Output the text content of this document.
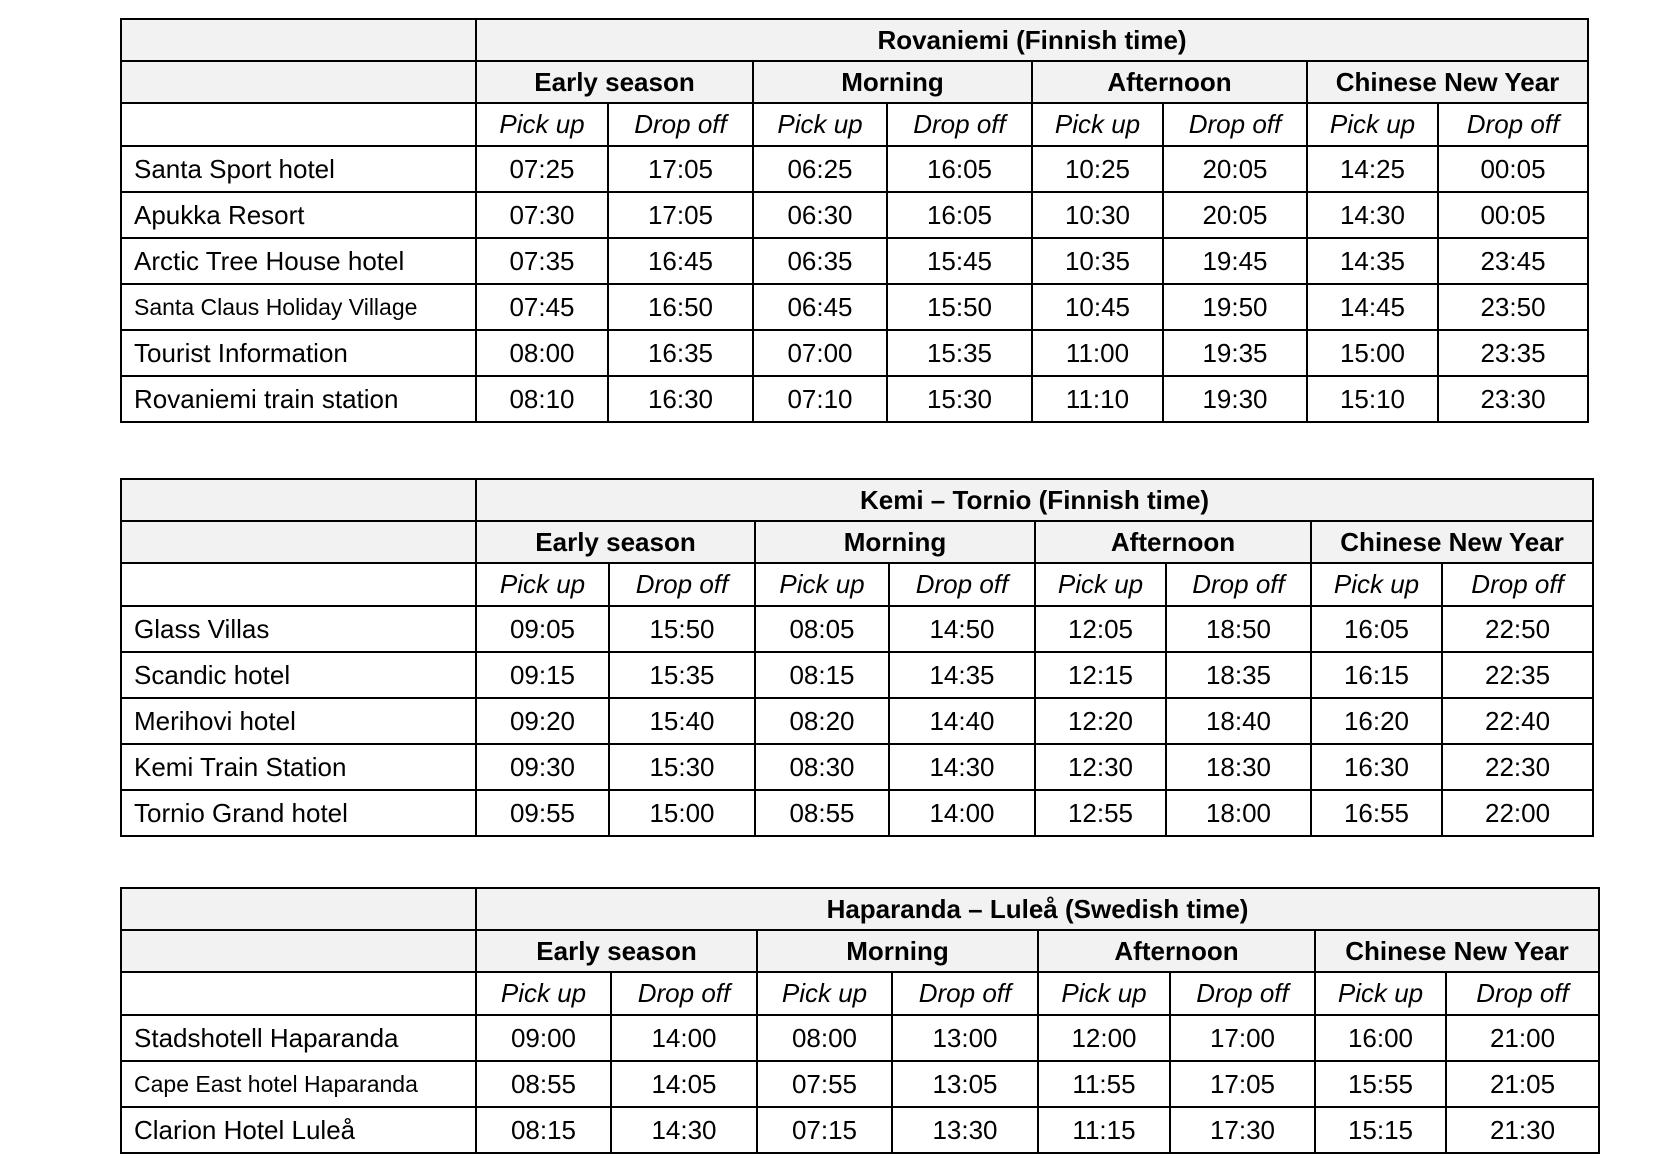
	Rovaniemi (Finnish time)							
	Early season		Morning		Afternoon		Chinese New Year	
	Pick up	Drop off	Pick up	Drop off	Pick up	Drop off	Pick up	Drop off
Santa Sport hotel	07:25	17:05	06:25	16:05	10:25	20:05	14:25	00:05
Apukka Resort	07:30	17:05	06:30	16:05	10:30	20:05	14:30	00:05
Arctic Tree House hotel	07:35	16:45	06:35	15:45	10:35	19:45	14:35	23:45
Santa Claus Holiday Village	07:45	16:50	06:45	15:50	10:45	19:50	14:45	23:50
Tourist Information	08:00	16:35	07:00	15:35	11:00	19:35	15:00	23:35
Rovaniemi train station	08:10	16:30	07:10	15:30	11:10	19:30	15:10	23:30
	Kemi – Tornio (Finnish time)							
	Early season		Morning		Afternoon		Chinese New Year	
	Pick up	Drop off	Pick up	Drop off	Pick up	Drop off	Pick up	Drop off
Glass Villas	09:05	15:50	08:05	14:50	12:05	18:50	16:05	22:50
Scandic hotel	09:15	15:35	08:15	14:35	12:15	18:35	16:15	22:35
Merihovi hotel	09:20	15:40	08:20	14:40	12:20	18:40	16:20	22:40
Kemi Train Station	09:30	15:30	08:30	14:30	12:30	18:30	16:30	22:30
Tornio Grand hotel	09:55	15:00	08:55	14:00	12:55	18:00	16:55	22:00
	Haparanda – Luleå (Swedish time)							
	Early season		Morning		Afternoon		Chinese New Year	
	Pick up	Drop off	Pick up	Drop off	Pick up	Drop off	Pick up	Drop off
Stadshotell Haparanda	09:00	14:00	08:00	13:00	12:00	17:00	16:00	21:00
Cape East hotel Haparanda	08:55	14:05	07:55	13:05	11:55	17:05	15:55	21:05
Clarion Hotel Luleå	08:15	14:30	07:15	13:30	11:15	17:30	15:15	21:30
